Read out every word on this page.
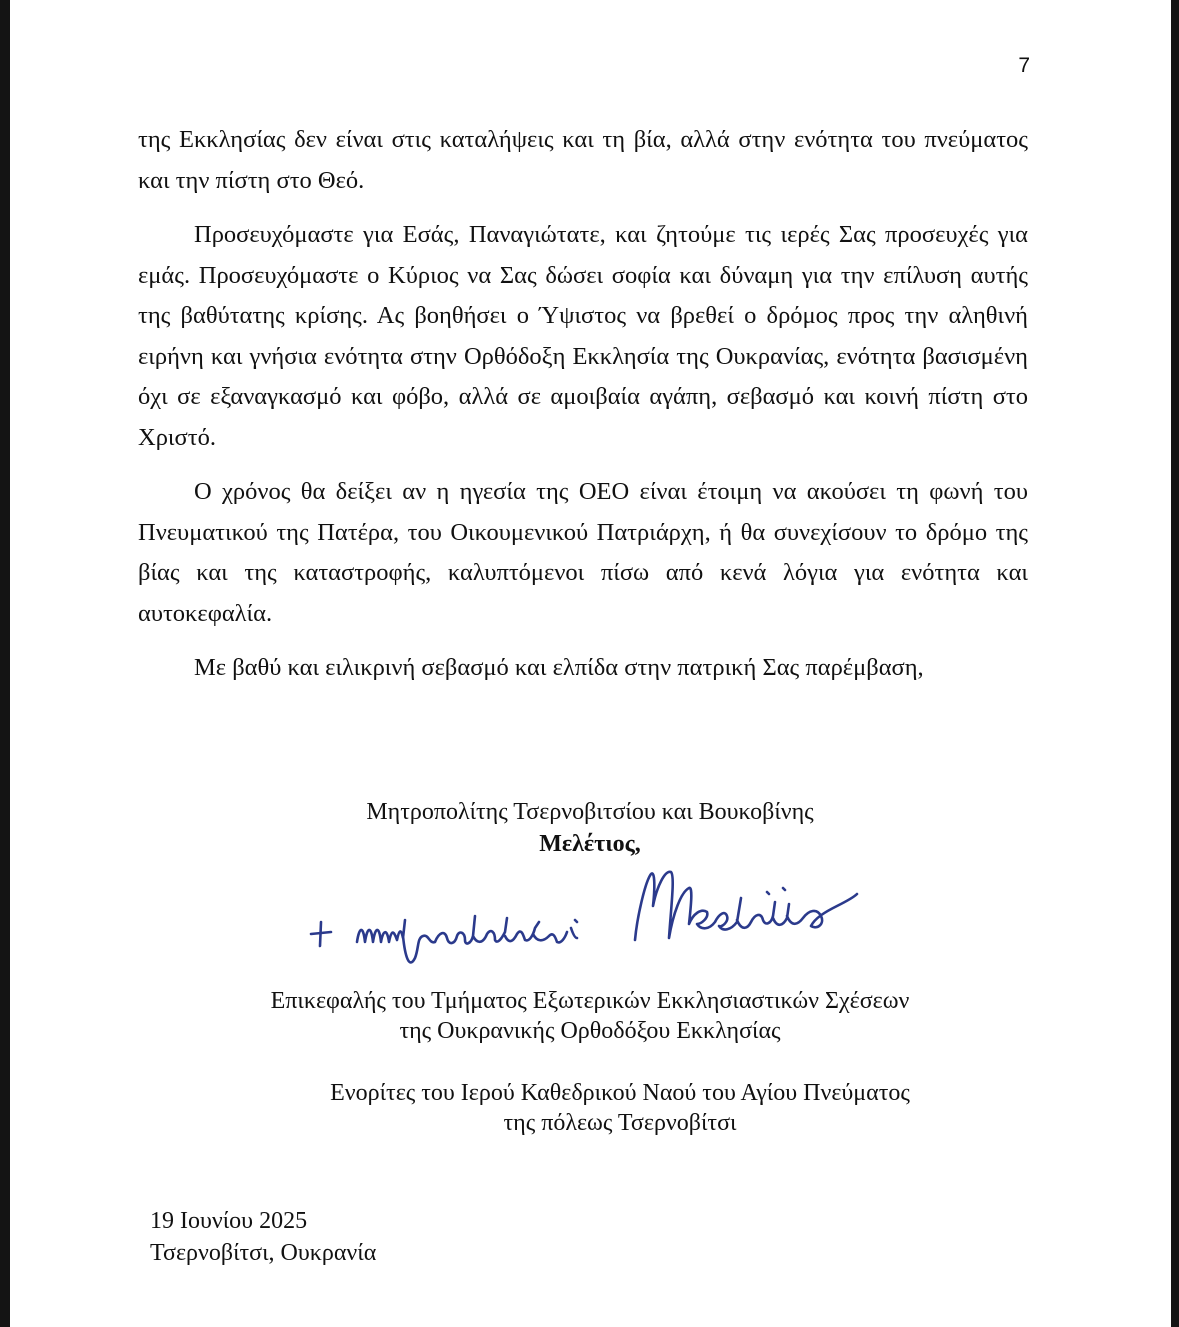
7

της Εκκλησίας δεν είναι στις καταλήψεις και τη βία, αλλά στην ενότητα του πνεύματος και την πίστη στο Θεό.

Προσευχόμαστε για Εσάς, Παναγιώτατε, και ζητούμε τις ιερές Σας προσευχές για εμάς. Προσευχόμαστε ο Κύριος να Σας δώσει σοφία και δύναμη για την επίλυση αυτής της βαθύτατης κρίσης. Ας βοηθήσει ο Ύψιστος να βρεθεί ο δρόμος προς την αληθινή ειρήνη και γνήσια ενότητα στην Ορθόδοξη Εκκλησία της Ουκρανίας, ενότητα βασισμένη όχι σε εξαναγκασμό και φόβο, αλλά σε αμοιβαία αγάπη, σεβασμό και κοινή πίστη στο Χριστό.

Ο χρόνος θα δείξει αν η ηγεσία της ΟΕΟ είναι έτοιμη να ακούσει τη φωνή του Πνευματικού της Πατέρα, του Οικουμενικού Πατριάρχη, ή θα συνεχίσουν το δρόμο της βίας και της καταστροφής, καλυπτόμενοι πίσω από κενά λόγια για ενότητα και αυτοκεφαλία.

Με βαθύ και ειλικρινή σεβασμό και ελπίδα στην πατρική Σας παρέμβαση,

Μητροπολίτης Τσερνοβιτσίου και Βουκοβίνης
Μελέτιος,
Επικεφαλής του Τμήματος Εξωτερικών Εκκλησιαστικών Σχέσεων
της Ουκρανικής Ορθοδόξου Εκκλησίας
Ενορίτες του Ιερού Καθεδρικού Ναού του Αγίου Πνεύματος
της πόλεως Τσερνοβίτσι
19 Ιουνίου 2025
Τσερνοβίτσι, Ουκρανία
